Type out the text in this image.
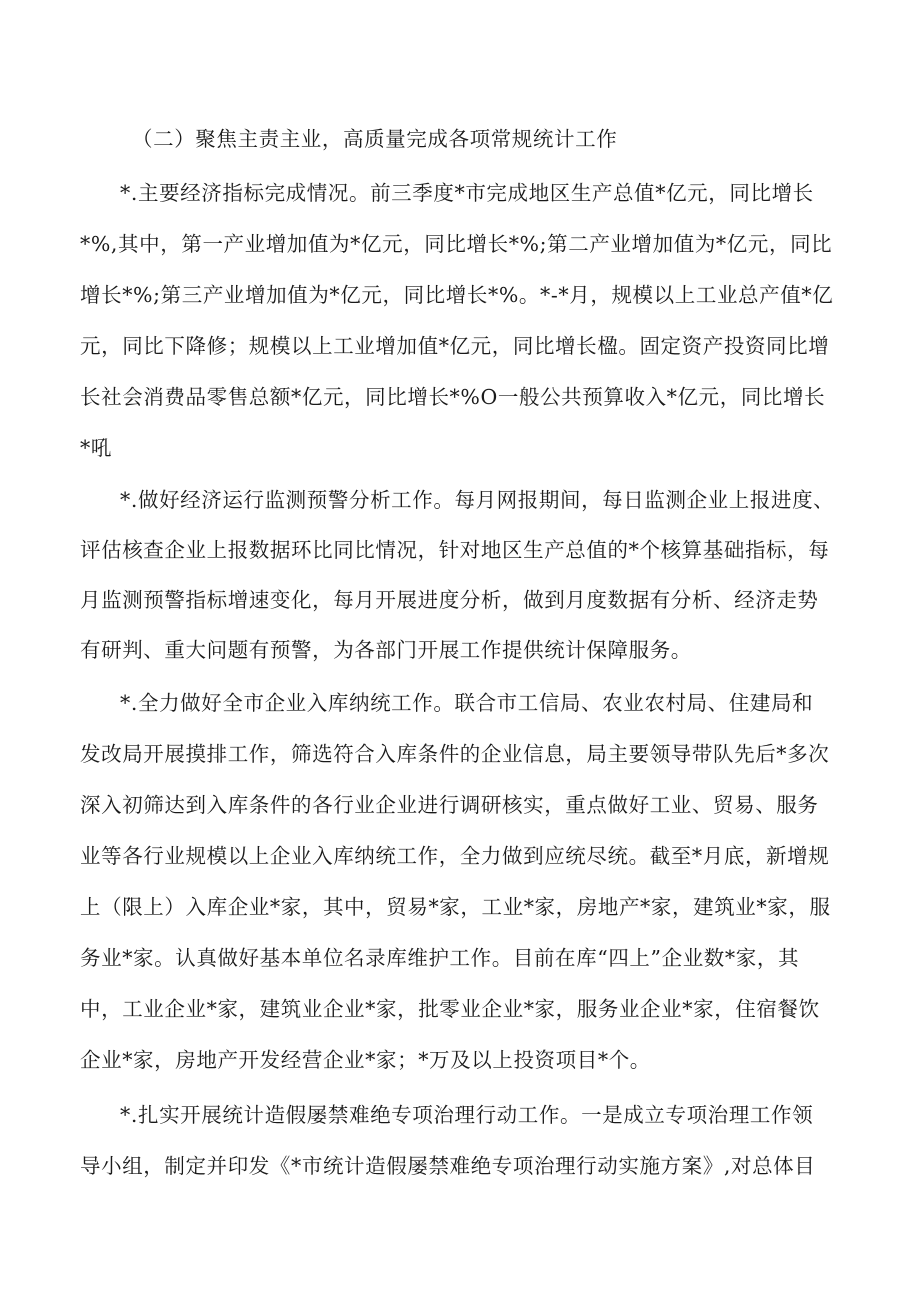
（二）聚焦主责主业，高质量完成各项常规统计工作

*.主要经济指标完成情况。前三季度*市完成地区生产总值*亿元，同比增长

*%,其中，第一产业增加值为*亿元，同比增长*%;第二产业增加值为*亿元，同比

增长*%;第三产业增加值为*亿元，同比增长*%。*-*月，规模以上工业总产值*亿

元，同比下降修；规模以上工业增加值*亿元，同比增长楹。固定资产投资同比增

长社会消费品零售总额*亿元，同比增长*%O一般公共预算收入*亿元，同比增长

*吼

*.做好经济运行监测预警分析工作。每月网报期间，每日监测企业上报进度、

评估核查企业上报数据环比同比情况，针对地区生产总值的*个核算基础指标，每

月监测预警指标增速变化，每月开展进度分析，做到月度数据有分析、经济走势

有研判、重大问题有预警，为各部门开展工作提供统计保障服务。

*.全力做好全市企业入库纳统工作。联合市工信局、农业农村局、住建局和

发改局开展摸排工作，筛选符合入库条件的企业信息，局主要领导带队先后*多次

深入初筛达到入库条件的各行业企业进行调研核实，重点做好工业、贸易、服务

业等各行业规模以上企业入库纳统工作，全力做到应统尽统。截至*月底，新增规

上（限上）入库企业*家，其中，贸易*家，工业*家，房地产*家，建筑业*家，服

务业*家。认真做好基本单位名录库维护工作。目前在库“四上”企业数*家，其

中，工业企业*家，建筑业企业*家，批零业企业*家，服务业企业*家，住宿餐饮

企业*家，房地产开发经营企业*家；*万及以上投资项目*个。

*.扎实开展统计造假屡禁难绝专项治理行动工作。一是成立专项治理工作领

导小组，制定并印发《*市统计造假屡禁难绝专项治理行动实施方案》,对总体目
